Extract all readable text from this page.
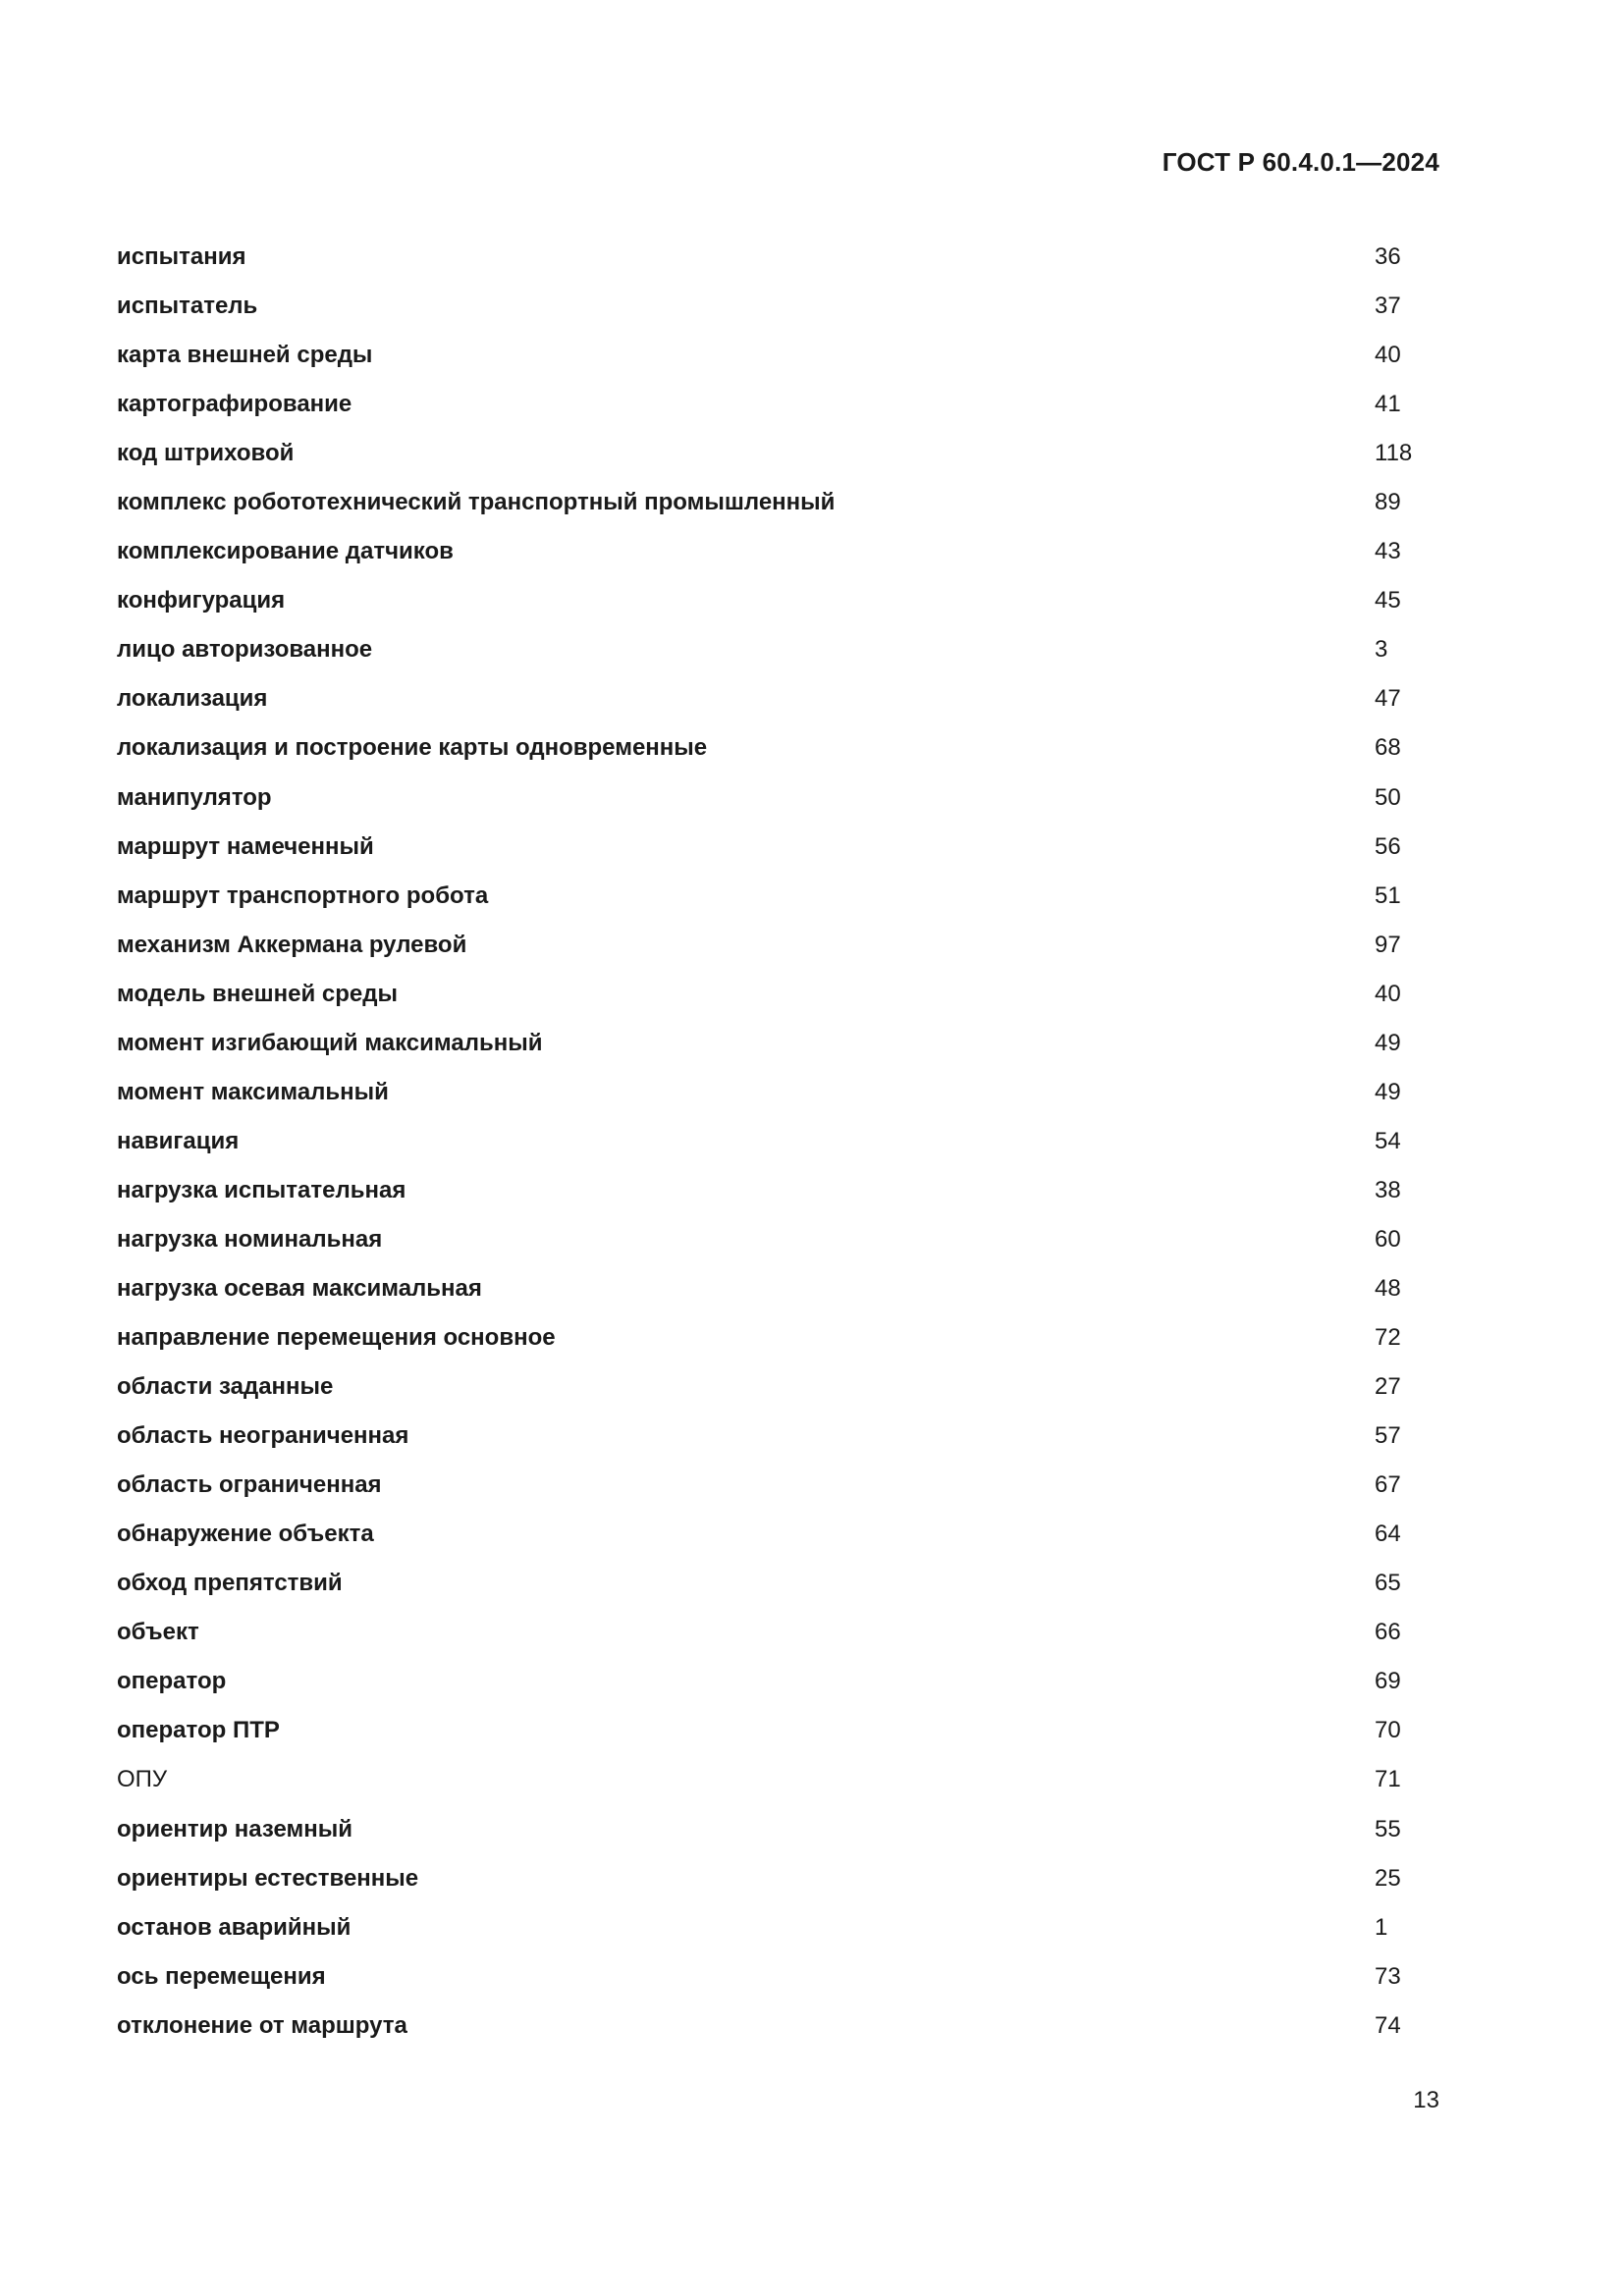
ГОСТ Р 60.4.0.1—2024
испытания	36
испытатель	37
карта внешней среды	40
картографирование	41
код штриховой	118
комплекс робототехнический транспортный промышленный	89
комплексирование датчиков	43
конфигурация	45
лицо авторизованное	3
локализация	47
локализация и построение карты одновременные	68
манипулятор	50
маршрут намеченный	56
маршрут транспортного робота	51
механизм Аккермана рулевой	97
модель внешней среды	40
момент изгибающий максимальный	49
момент максимальный	49
навигация	54
нагрузка испытательная	38
нагрузка номинальная	60
нагрузка осевая максимальная	48
направление перемещения основное	72
области заданные	27
область неограниченная	57
область ограниченная	67
обнаружение объекта	64
обход препятствий	65
объект	66
оператор	69
оператор ПТР	70
ОПУ	71
ориентир наземный	55
ориентиры естественные	25
останов аварийный	1
ось перемещения	73
отклонение от маршрута	74
13
